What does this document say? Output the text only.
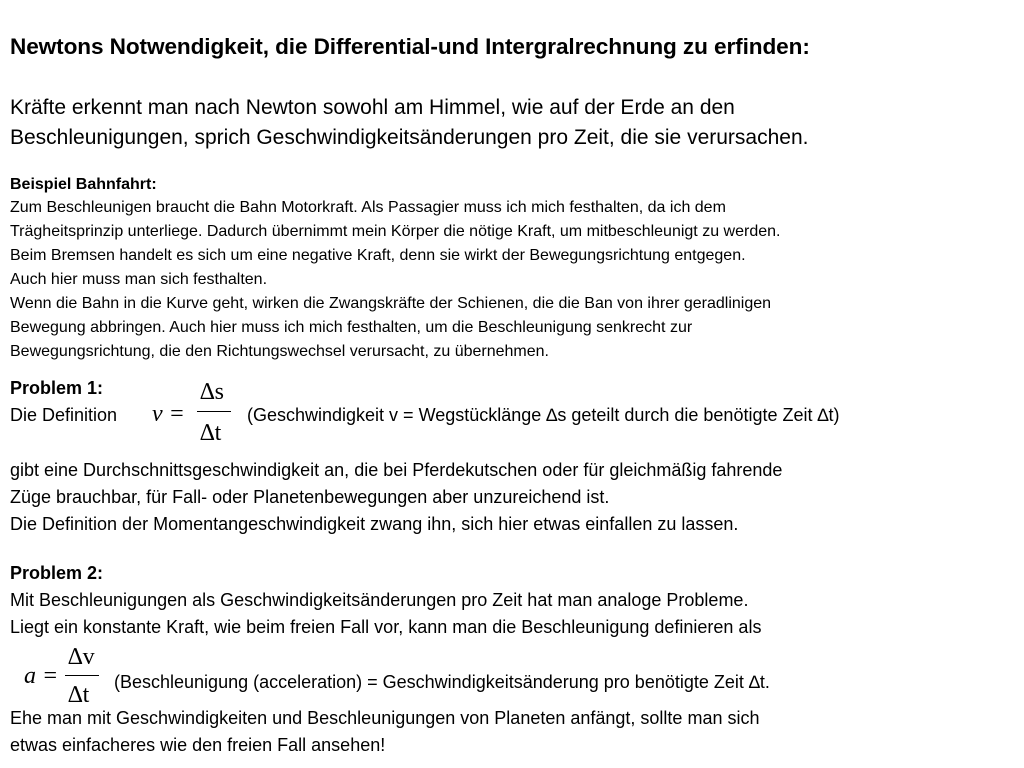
Newtons Notwendigkeit, die Differential-und Intergralrechnung zu erfinden:
Kräfte erkennt man nach Newton sowohl am Himmel, wie auf der Erde an den
Beschleunigungen, sprich Geschwindigkeitsänderungen pro Zeit, die sie verursachen.
Beispiel Bahnfahrt:
Zum Beschleunigen braucht die Bahn Motorkraft. Als Passagier muss ich mich festhalten, da ich dem
Trägheitsprinzip unterliege. Dadurch übernimmt mein Körper die nötige Kraft, um mitbeschleunigt zu werden.
Beim Bremsen handelt es sich um eine negative Kraft, denn sie wirkt der Bewegungsrichtung entgegen.
Auch hier muss man sich festhalten.
Wenn die Bahn in die Kurve geht, wirken die Zwangskräfte der Schienen, die die Ban von ihrer geradlinigen
Bewegung abbringen. Auch hier muss ich mich festhalten, um die Beschleunigung senkrecht zur
Bewegungsrichtung, die den Richtungswechsel verursacht, zu übernehmen.
Problem 1:
Die Definition v =
∆s
∆t
(Geschwindigkeit v = Wegstücklänge ∆s geteilt durch die benötigte Zeit ∆t)
gibt eine Durchschnittsgeschwindigkeit an, die bei Pferdekutschen oder für gleichmäßig fahrende
Züge brauchbar, für Fall- oder Planetenbewegungen aber unzureichend ist.
Die Definition der Momentangeschwindigkeit zwang ihn, sich hier etwas einfallen zu lassen.
Problem 2:
Mit Beschleunigungen als Geschwindigkeitsänderungen pro Zeit hat man analoge Probleme.
Liegt ein konstante Kraft, wie beim freien Fall vor, kann man die Beschleunigung definieren als
a =
∆v
∆t (Beschleunigung (acceleration) = Geschwindigkeitsänderung pro benötigte Zeit ∆t.
Ehe man mit Geschwindigkeiten und Beschleunigungen von Planeten anfängt, sollte man sich
etwas einfacheres wie den freien Fall ansehen!
